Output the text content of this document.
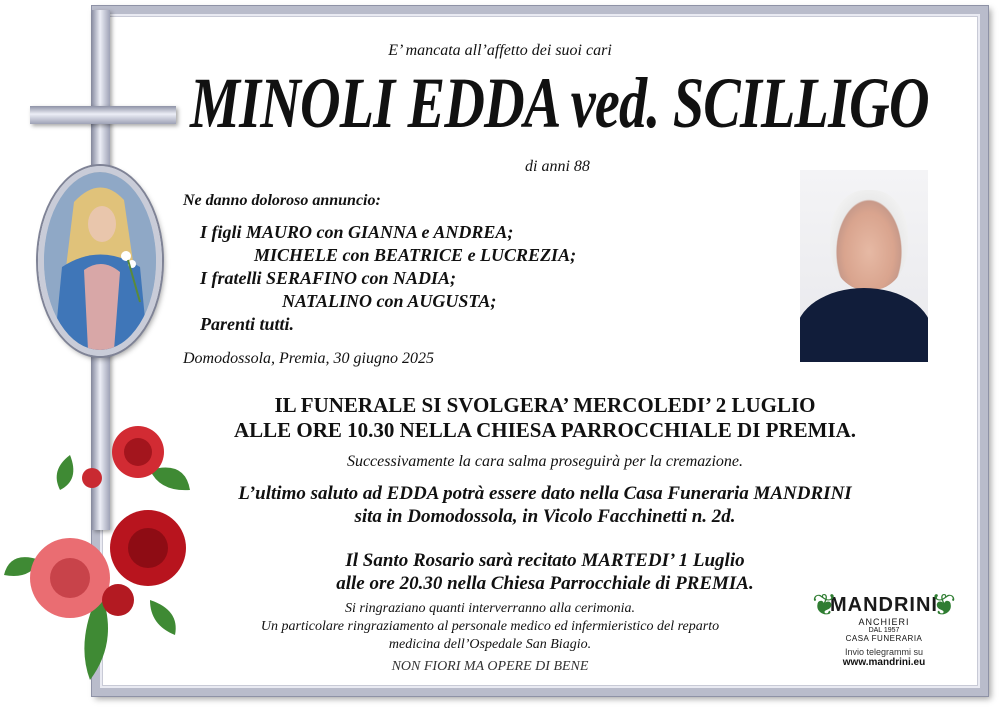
E’ mancata all’affetto dei suoi cari
MINOLI EDDA ved. SCILLIGO
di anni 88
Ne danno doloroso annuncio:
I figli MAURO con GIANNA e ANDREA;
MICHELE con BEATRICE e LUCREZIA;
I fratelli SERAFINO con NADIA;
NATALINO con AUGUSTA;
Parenti tutti.
Domodossola, Premia, 30 giugno 2025
IL FUNERALE SI SVOLGERA’ MERCOLEDI’ 2 LUGLIO
ALLE ORE 10.30 NELLA CHIESA PARROCCHIALE DI PREMIA.
Successivamente la cara salma proseguirà per la cremazione.
L’ultimo saluto ad EDDA potrà essere dato nella Casa Funeraria MANDRINI
sita in Domodossola, in Vicolo Facchinetti n. 2d.
Il Santo Rosario sarà recitato MARTEDI’ 1 Luglio
alle ore 20.30 nella Chiesa Parrocchiale di PREMIA.
Si ringraziano quanti interverranno alla cerimonia.
Un particolare ringraziamento al personale medico ed infermieristico del reparto
medicina dell’Ospedale San Biagio.
NON FIORI MA OPERE DI BENE
❦	❦
MANDRINI
ANCHIERI
DAL 1957
CASA FUNERARIA
Invio telegrammi su
www.mandrini.eu
